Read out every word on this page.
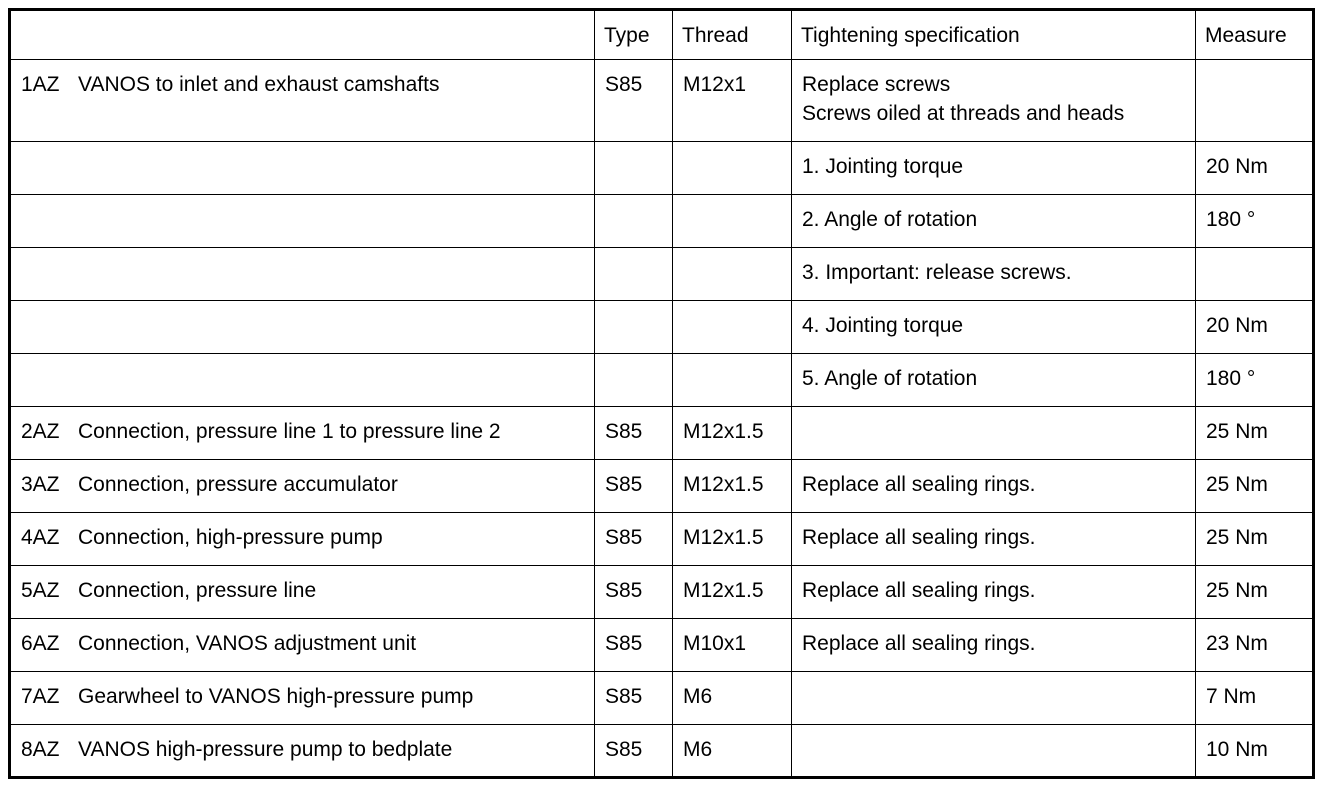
	Type	Thread	Tightening specification	Measure
1AZ VANOS to inlet and exhaust camshafts	S85	M12x1	Replace screws
Screws oiled at threads and heads	

			1. Jointing torque	20 Nm

			2. Angle of rotation	180 °

			3. Important: release screws.	

			4. Jointing torque	20 Nm

			5. Angle of rotation	180 °
2AZ Connection, pressure line 1 to pressure line 2	S85	M12x1.5		25 Nm
3AZ Connection, pressure accumulator	S85	M12x1.5	Replace all sealing rings.	25 Nm
4AZ Connection, high-pressure pump	S85	M12x1.5	Replace all sealing rings.	25 Nm
5AZ Connection, pressure line	S85	M12x1.5	Replace all sealing rings.	25 Nm
6AZ Connection, VANOS adjustment unit	S85	M10x1	Replace all sealing rings.	23 Nm
7AZ Gearwheel to VANOS high-pressure pump	S85	M6		7 Nm
8AZ VANOS high-pressure pump to bedplate	S85	M6		10 Nm
